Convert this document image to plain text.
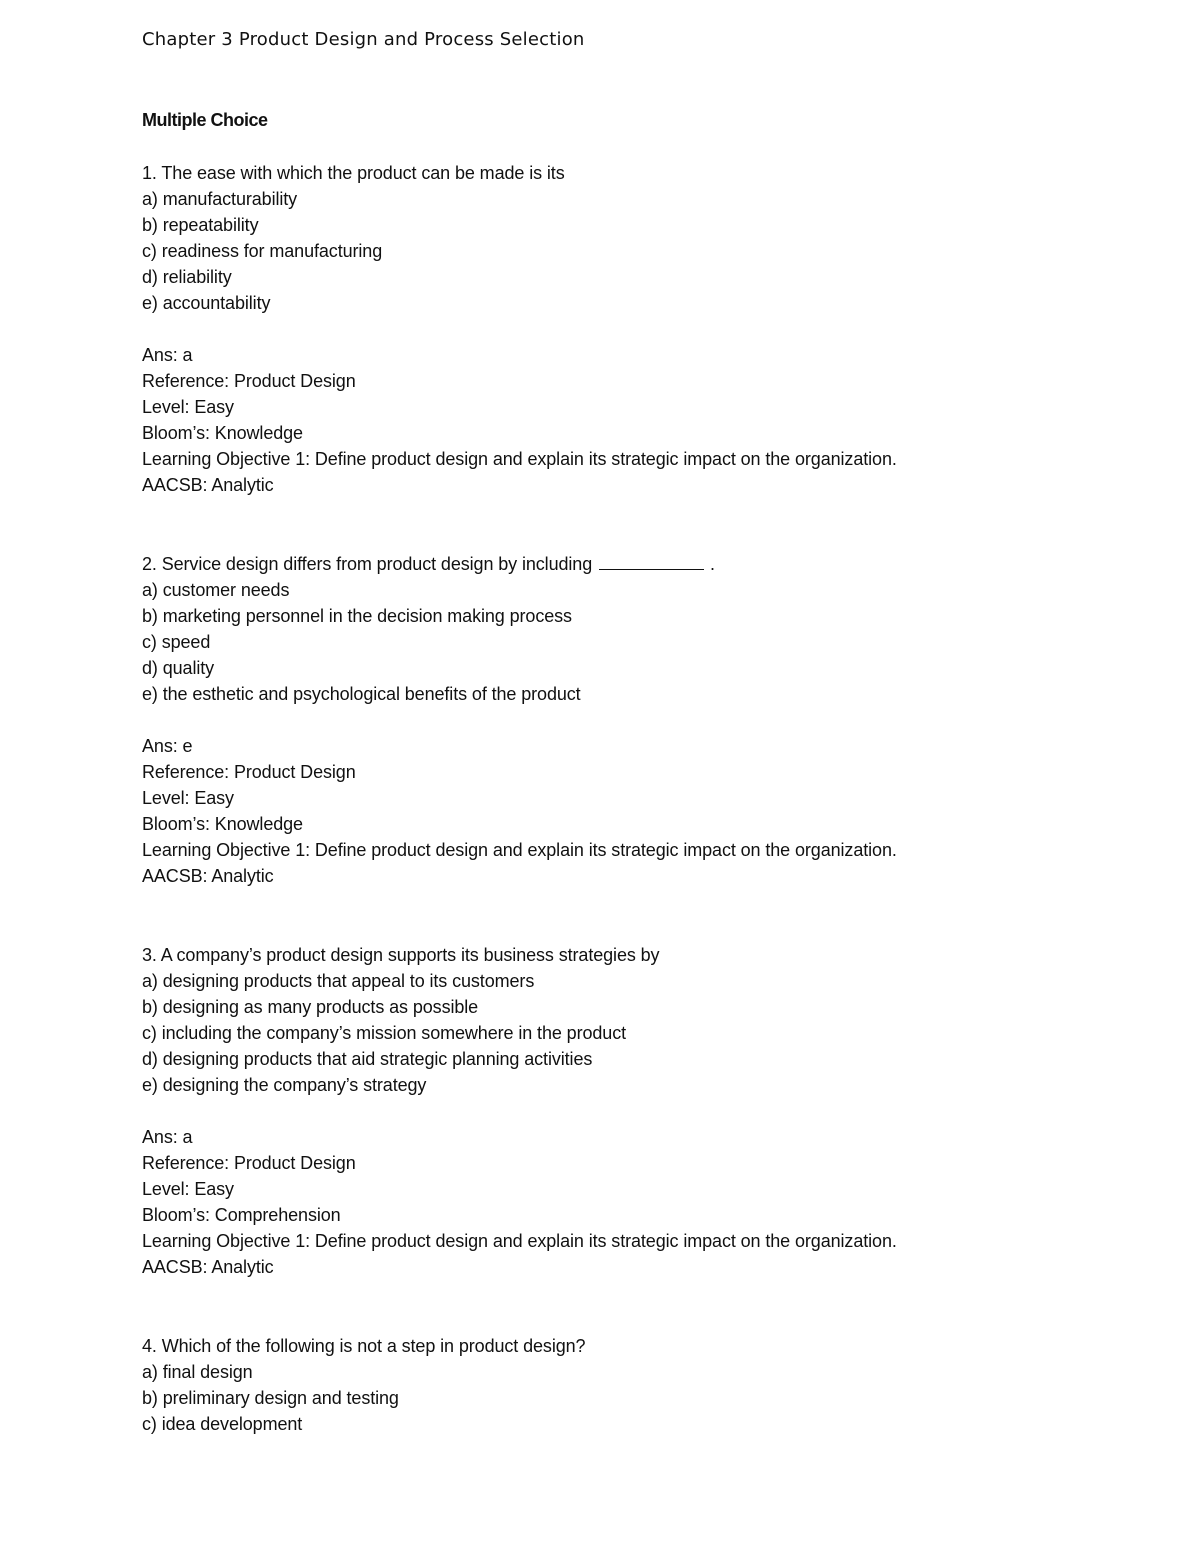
Chapter 3 Product Design and Process Selection
Multiple Choice
1. The ease with which the product can be made is its
a) manufacturability
b) repeatability
c) readiness for manufacturing
d) reliability
e) accountability
Ans: a
Reference: Product Design
Level: Easy
Bloom’s: Knowledge
Learning Objective 1: Define product design and explain its strategic impact on the organization.
AACSB: Analytic
2. Service design differs from product design by including	.
a) customer needs
b) marketing personnel in the decision making process
c) speed
d) quality
e) the esthetic and psychological benefits of the product
Ans: e
Reference: Product Design
Level: Easy
Bloom’s: Knowledge
Learning Objective 1: Define product design and explain its strategic impact on the organization.
AACSB: Analytic
3. A company’s product design supports its business strategies by
a) designing products that appeal to its customers
b) designing as many products as possible
c) including the company’s mission somewhere in the product
d) designing products that aid strategic planning activities
e) designing the company’s strategy
Ans: a
Reference: Product Design
Level: Easy
Bloom’s: Comprehension
Learning Objective 1: Define product design and explain its strategic impact on the organization.
AACSB: Analytic
4. Which of the following is not a step in product design?
a) final design
b) preliminary design and testing
c) idea development
